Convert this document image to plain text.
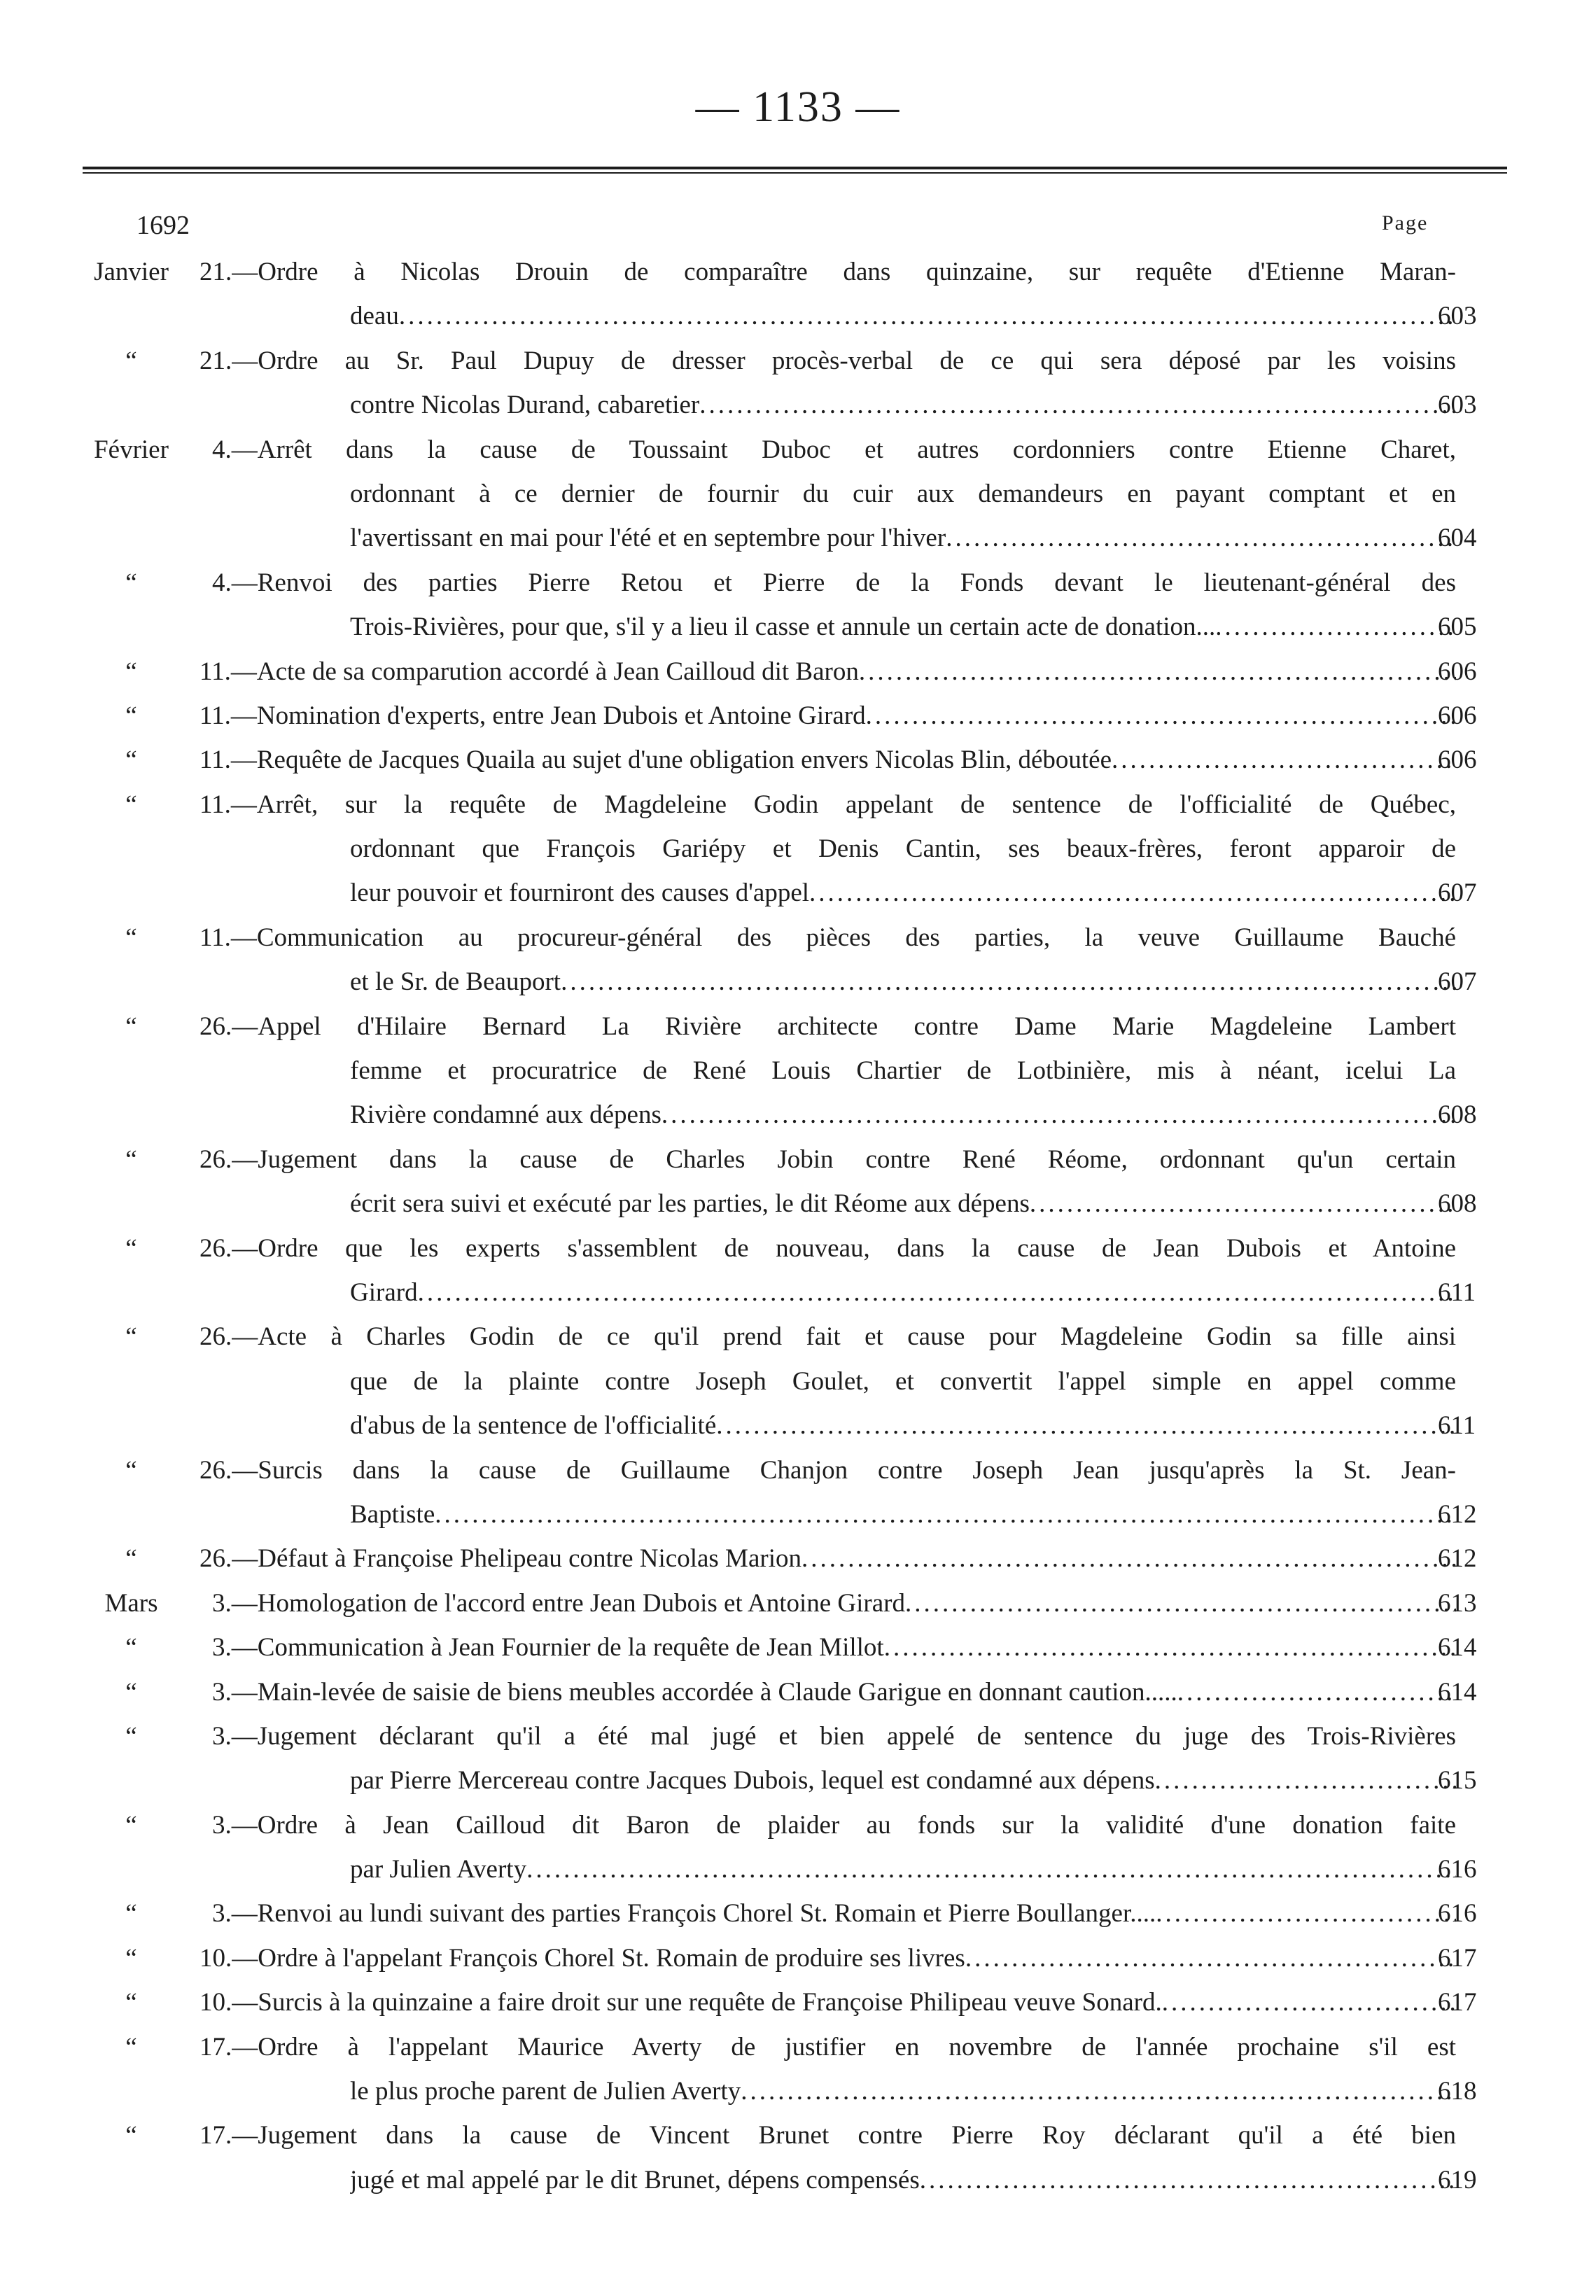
— 1133 —
1692	Page
Janvier	21.—Ordre à Nicolas Drouin de comparaître dans quinzaine, sur requête d'Etienne Maran-
deau .....	603
“	21.—Ordre au Sr. Paul Dupuy de dresser procès-verbal de ce qui sera déposé par les voisins
contre Nicolas Durand, cabaretier .....	603
Février	4.—Arrêt dans la cause de Toussaint Duboc et autres cordonniers contre Etienne Charet,
ordonnant à ce dernier de fournir du cuir aux demandeurs en payant comptant et en
l'avertissant en mai pour l'été et en septembre pour l'hiver .....	604
“	4.—Renvoi des parties Pierre Retou et Pierre de la Fonds devant le lieutenant-général des
Trois-Rivières, pour que, s'il y a lieu il casse et annule un certain acte de donation... .....	605
“	11.—Acte de sa comparution accordé à Jean Cailloud dit Baron .....	606
“	11.—Nomination d'experts, entre Jean Dubois et Antoine Girard .....	606
“	11.—Requête de Jacques Quaila au sujet d'une obligation envers Nicolas Blin, déboutée .....	606
“	11.—Arrêt, sur la requête de Magdeleine Godin appelant de sentence de l'officialité de Québec,
ordonnant que François Gariépy et Denis Cantin, ses beaux-frères, feront apparoir de
leur pouvoir et fourniront des causes d'appel .....	607
“	11.—Communication au procureur-général des pièces des parties, la veuve Guillaume Bauché
et le Sr. de Beauport .....	607
“	26.—Appel d'Hilaire Bernard La Rivière architecte contre Dame Marie Magdeleine Lambert
femme et procuratrice de René Louis Chartier de Lotbinière, mis à néant, icelui La
Rivière condamné aux dépens .....	608
“	26.—Jugement dans la cause de Charles Jobin contre René Réome, ordonnant qu'un certain
écrit sera suivi et exécuté par les parties, le dit Réome aux dépens .....	608
“	26.—Ordre que les experts s'assemblent de nouveau, dans la cause de Jean Dubois et Antoine
Girard .....	611
“	26.—Acte à Charles Godin de ce qu'il prend fait et cause pour Magdeleine Godin sa fille ainsi
que de la plainte contre Joseph Goulet, et convertit l'appel simple en appel comme
d'abus de la sentence de l'officialité .....	611
“	26.—Surcis dans la cause de Guillaume Chanjon contre Joseph Jean jusqu'après la St. Jean-
Baptiste .....	612
“	26.—Défaut à Françoise Phelipeau contre Nicolas Marion .....	612
Mars	3.—Homologation de l'accord entre Jean Dubois et Antoine Girard .....	613
“	3.—Communication à Jean Fournier de la requête de Jean Millot .....	614
“	3.—Main-levée de saisie de biens meubles accordée à Claude Garigue en donnant caution..... .....	614
“	3.—Jugement déclarant qu'il a été mal jugé et bien appelé de sentence du juge des Trois-Rivières
par Pierre Mercereau contre Jacques Dubois, lequel est condamné aux dépens .....	615
“	3.—Ordre à Jean Cailloud dit Baron de plaider au fonds sur la validité d'une donation faite
par Julien Averty .....	616
“	3.—Renvoi au lundi suivant des parties François Chorel St. Romain et Pierre Boullanger.... .....	616
“	10.—Ordre à l'appelant François Chorel St. Romain de produire ses livres .....	617
“	10.—Surcis à la quinzaine a faire droit sur une requête de Françoise Philipeau veuve Sonard. .....	617
“	17.—Ordre à l'appelant Maurice Averty de justifier en novembre de l'année prochaine s'il est
le plus proche parent de Julien Averty .....	618
“	17.—Jugement dans la cause de Vincent Brunet contre Pierre Roy déclarant qu'il a été bien
jugé et mal appelé par le dit Brunet, dépens compensés .....	619
